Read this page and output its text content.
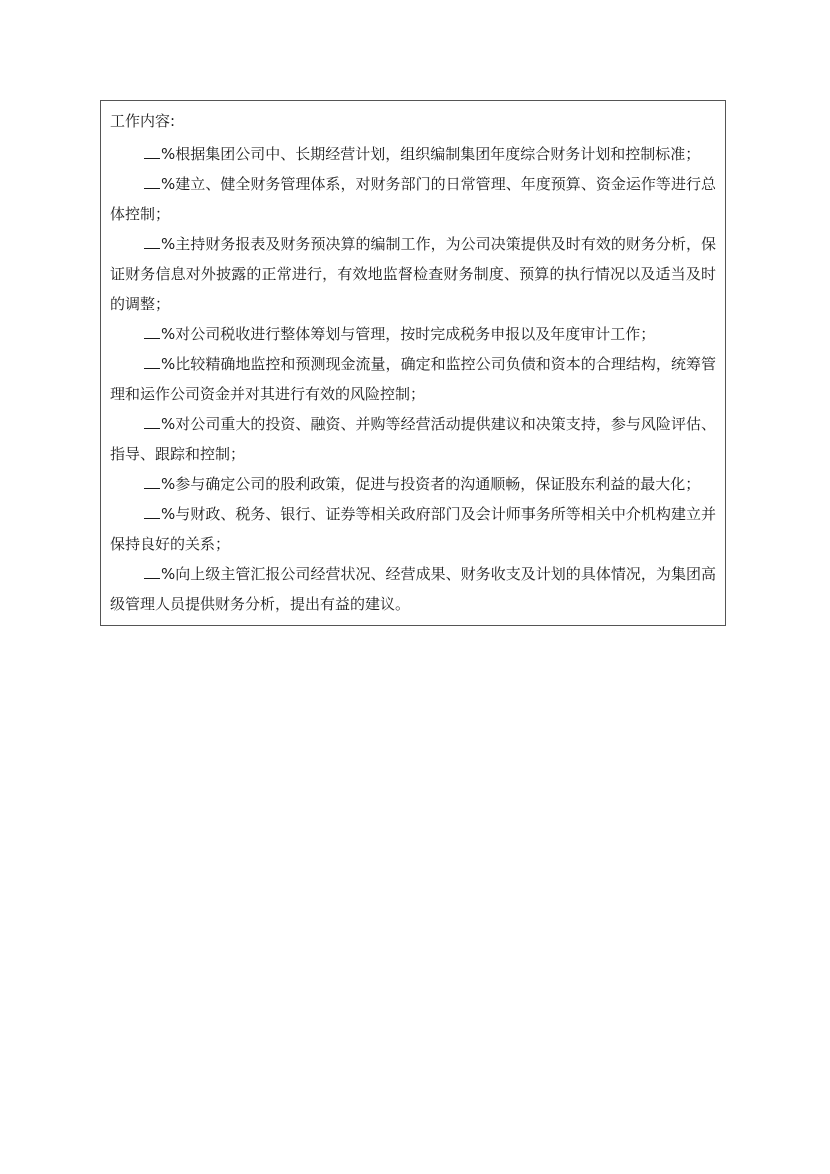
工作内容:

%根据集团公司中、长期经营计划，组织编制集团年度综合财务计划和控制标准；

%建立、健全财务管理体系，对财务部门的日常管理、年度预算、资金运作等进行总体控制；

%主持财务报表及财务预决算的编制工作，为公司决策提供及时有效的财务分析，保证财务信息对外披露的正常进行，有效地监督检查财务制度、预算的执行情况以及适当及时的调整；

%对公司税收进行整体筹划与管理，按时完成税务申报以及年度审计工作；

%比较精确地监控和预测现金流量，确定和监控公司负债和资本的合理结构，统筹管理和运作公司资金并对其进行有效的风险控制；

%对公司重大的投资、融资、并购等经营活动提供建议和决策支持，参与风险评估、指导、跟踪和控制；

%参与确定公司的股利政策，促进与投资者的沟通顺畅，保证股东利益的最大化；

%与财政、税务、银行、证券等相关政府部门及会计师事务所等相关中介机构建立并保持良好的关系；

%向上级主管汇报公司经营状况、经营成果、财务收支及计划的具体情况，为集团高级管理人员提供财务分析，提出有益的建议。
